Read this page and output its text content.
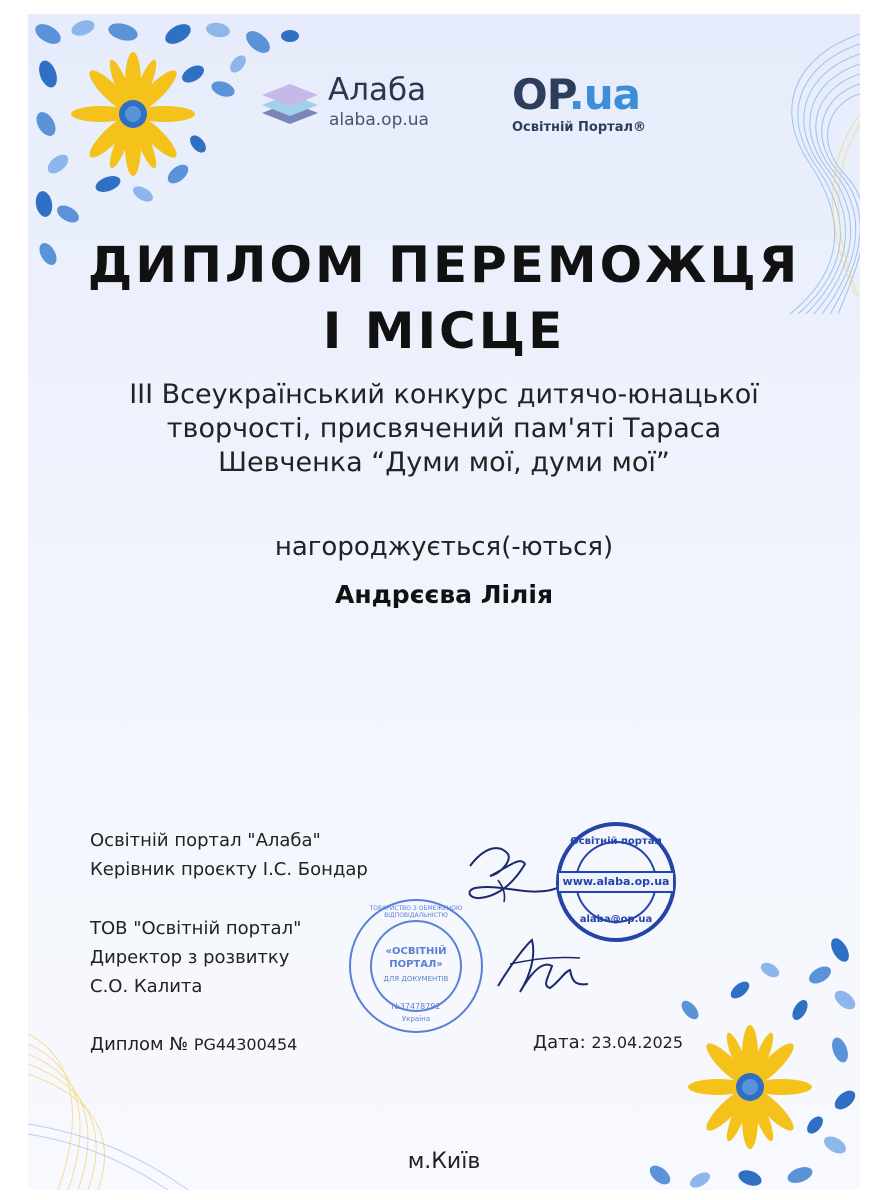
Алаба
alaba.op.ua
OP.ua
Освітній Портал®
ДИПЛОМ ПЕРЕМОЖЦЯ
I МІСЦЕ
ІІІ Всеукраїнський конкурс дитячо-юнацької
творчості, присвячений пам'яті Тараса
Шевченка “Думи мої, думи мої”
нагороджується(-ються)
Андрєєва Лілія
Освітній портал "Алаба"
Керівник проєкту І.С. Бондар
ТОВ "Освітній портал"
Директор з розвитку
С.О. Калита
Освітній портал
www.alaba.op.ua
alaba@op.ua
ТОВАРИСТВО З ОБМЕЖЕНОЮ ВІДПОВІДАЛЬНІСТЮ
«ОСВІТНІЙ
ПОРТАЛ»
ДЛЯ ДОКУМЕНТІВ
№37478792
Україна
Диплом № PG44300454	Дата: 23.04.2025
м.Київ
